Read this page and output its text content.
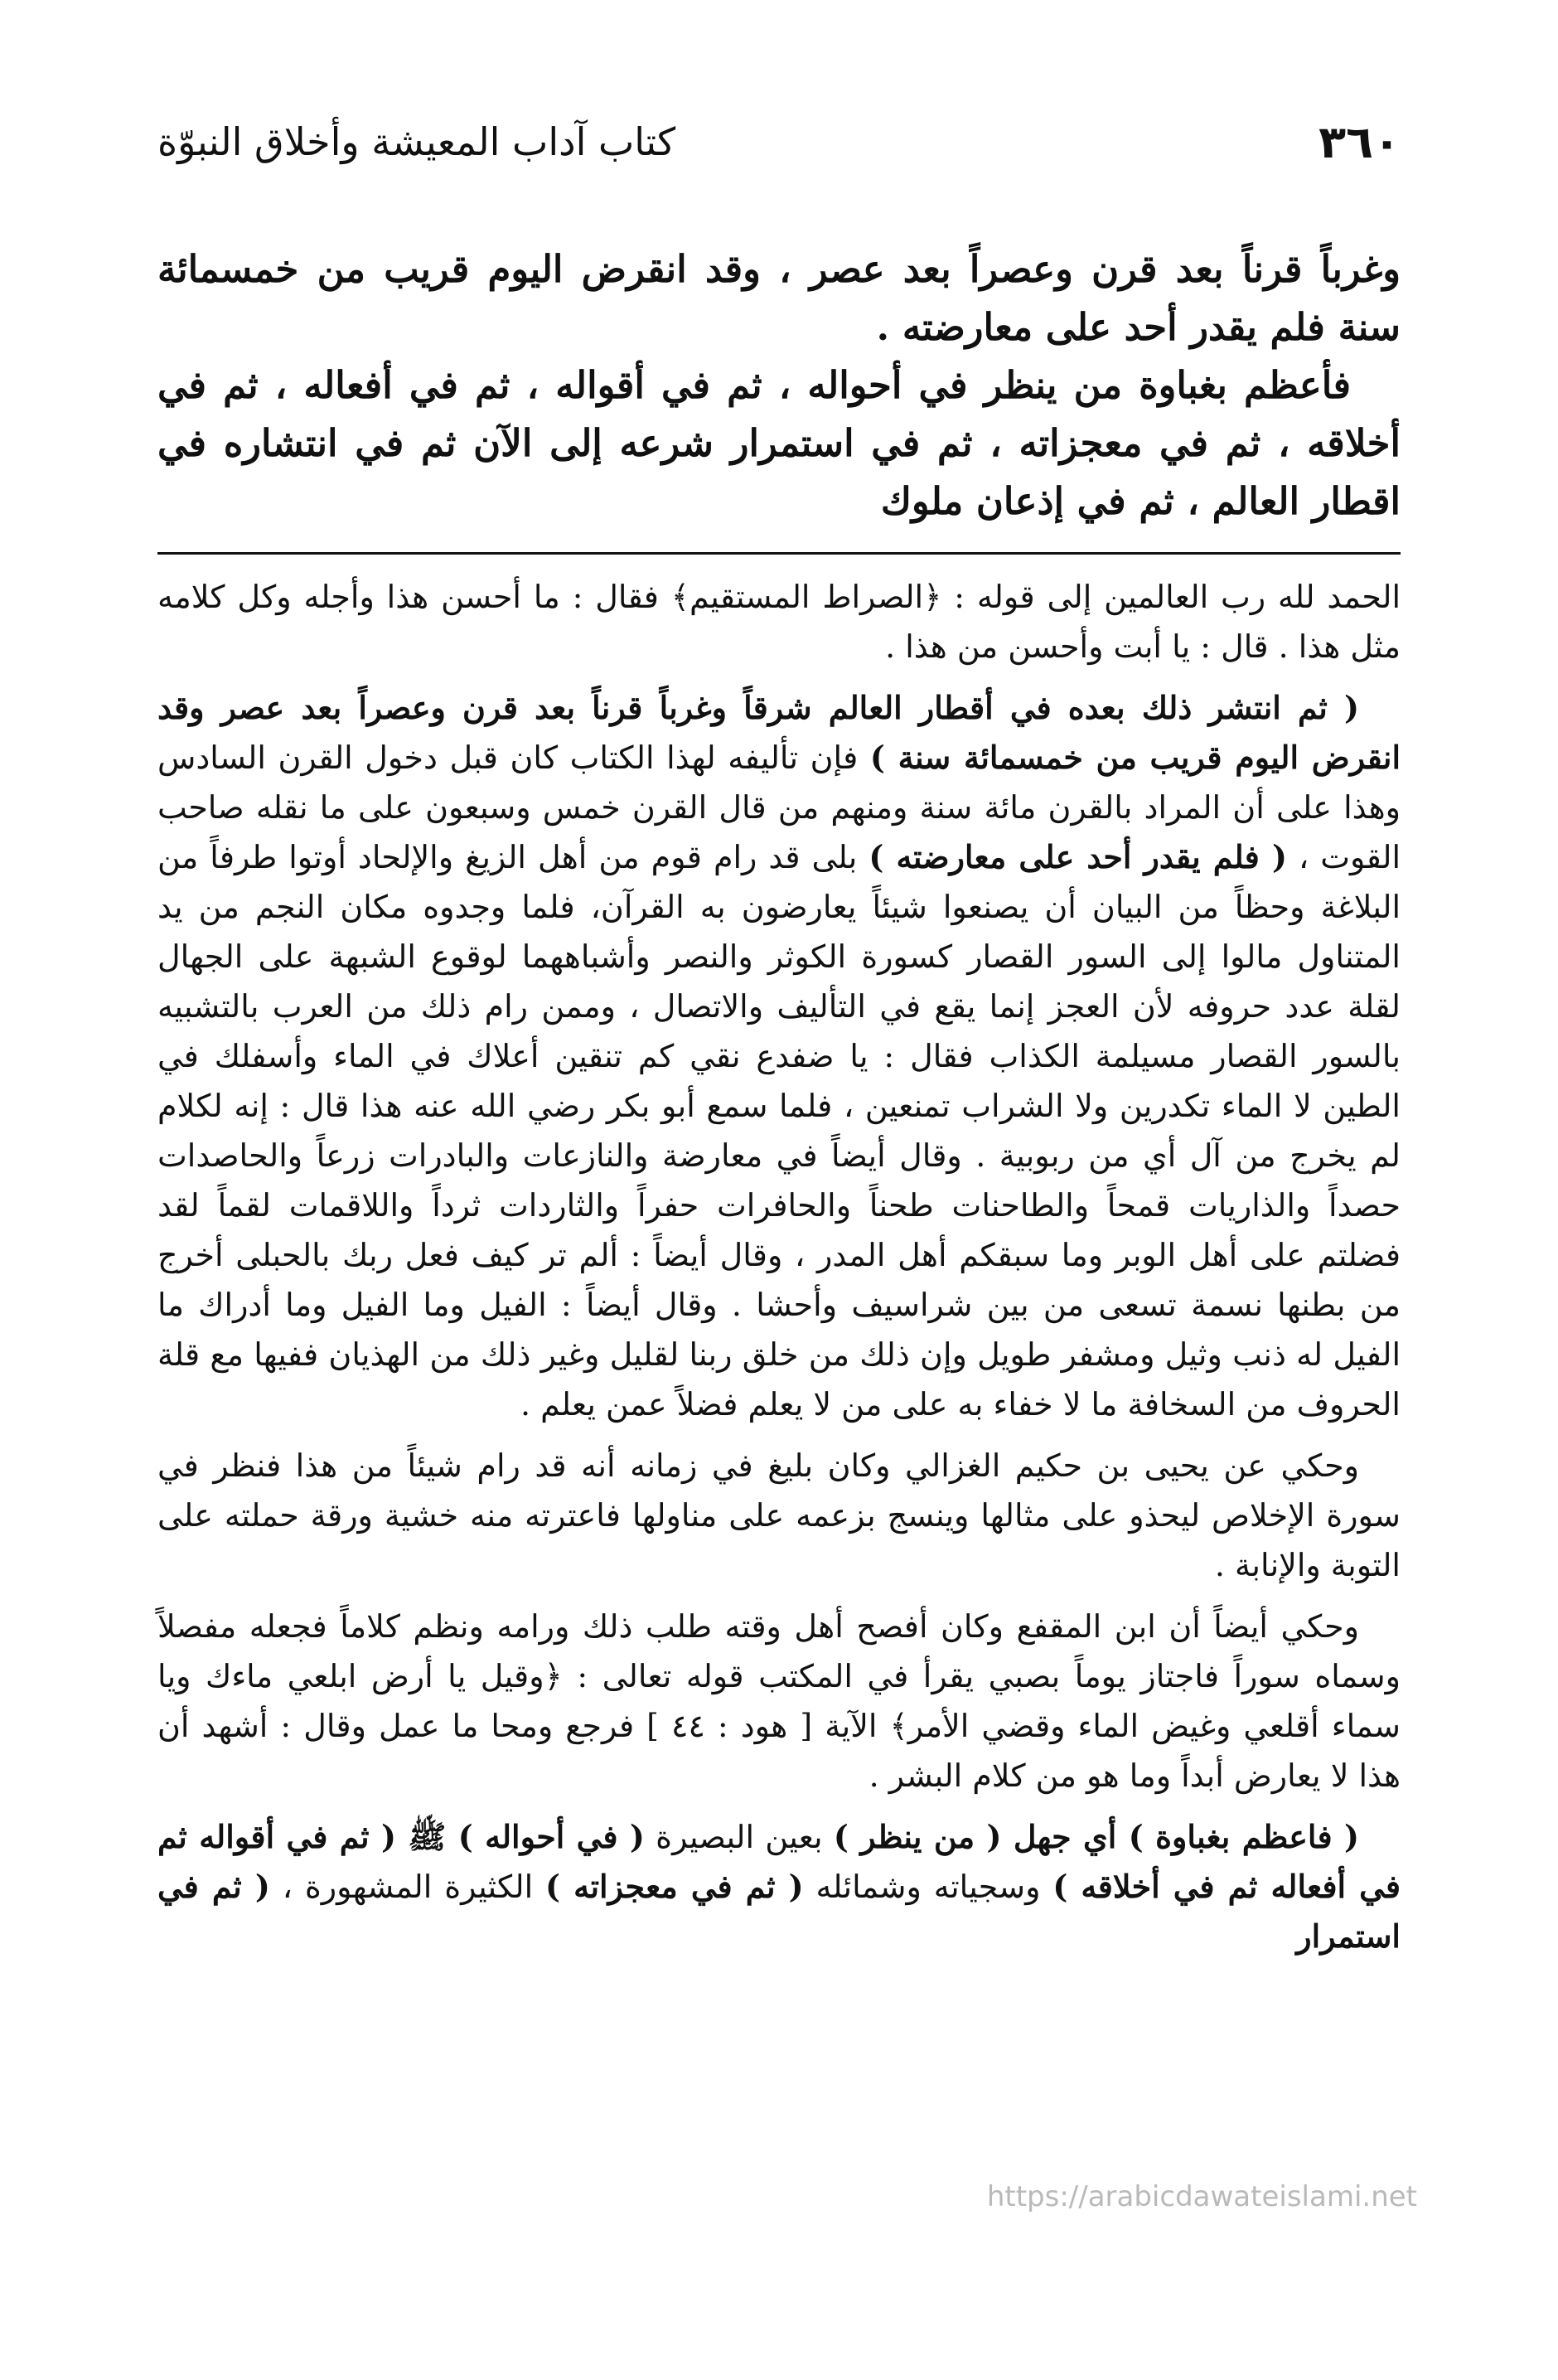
٣٦٠
كتاب آداب المعيشة وأخلاق النبوّة

وغرباً قرناً بعد قرن وعصراً بعد عصر ، وقد انقرض اليوم قريب من خمسمائة سنة فلم يقدر أحد على معارضته .

فأعظم بغباوة من ينظر في أحواله ، ثم في أقواله ، ثم في أفعاله ، ثم في أخلاقه ، ثم في معجزاته ، ثم في استمرار شرعه إلى الآن ثم في انتشاره في اقطار العالم ، ثم في إذعان ملوك

الحمد لله رب العالمين إلى قوله : ﴿الصراط المستقيم﴾ فقال : ما أحسن هذا وأجله وكل كلامه مثل هذا . قال : يا أبت وأحسن من هذا .

( ثم انتشر ذلك بعده في أقطار العالم شرقاً وغرباً قرناً بعد قرن وعصراً بعد عصر وقد انقرض اليوم قريب من خمسمائة سنة ) فإن تأليفه لهذا الكتاب كان قبل دخول القرن السادس وهذا على أن المراد بالقرن مائة سنة ومنهم من قال القرن خمس وسبعون على ما نقله صاحب القوت ، ( فلم يقدر أحد على معارضته ) بلى قد رام قوم من أهل الزيغ والإلحاد أوتوا طرفاً من البلاغة وحظاً من البيان أن يصنعوا شيئاً يعارضون به القرآن، فلما وجدوه مكان النجم من يد المتناول مالوا إلى السور القصار كسورة الكوثر والنصر وأشباههما لوقوع الشبهة على الجهال لقلة عدد حروفه لأن العجز إنما يقع في التأليف والاتصال ، وممن رام ذلك من العرب بالتشبيه بالسور القصار مسيلمة الكذاب فقال : يا ضفدع نقي كم تنقين أعلاك في الماء وأسفلك في الطين لا الماء تكدرين ولا الشراب تمنعين ، فلما سمع أبو بكر رضي الله عنه هذا قال : إنه لكلام لم يخرج من آل أي من ربوبية . وقال أيضاً في معارضة والنازعات والبادرات زرعاً والحاصدات حصداً والذاريات قمحاً والطاحنات طحناً والحافرات حفراً والثاردات ثرداً واللاقمات لقماً لقد فضلتم على أهل الوبر وما سبقكم أهل المدر ، وقال أيضاً : ألم تر كيف فعل ربك بالحبلى أخرج من بطنها نسمة تسعى من بين شراسيف وأحشا . وقال أيضاً : الفيل وما الفيل وما أدراك ما الفيل له ذنب وثيل ومشفر طويل وإن ذلك من خلق ربنا لقليل وغير ذلك من الهذيان ففيها مع قلة الحروف من السخافة ما لا خفاء به على من لا يعلم فضلاً عمن يعلم .

وحكي عن يحيى بن حكيم الغزالي وكان بليغ في زمانه أنه قد رام شيئاً من هذا فنظر في سورة الإخلاص ليحذو على مثالها وينسج بزعمه على مناولها فاعترته منه خشية ورقة حملته على التوبة والإنابة .

وحكي أيضاً أن ابن المقفع وكان أفصح أهل وقته طلب ذلك ورامه ونظم كلاماً فجعله مفصلاً وسماه سوراً فاجتاز يوماً بصبي يقرأ في المكتب قوله تعالى : ﴿وقيل يا أرض ابلعي ماءك ويا سماء أقلعي وغيض الماء وقضي الأمر﴾ الآية [ هود : ٤٤ ] فرجع ومحا ما عمل وقال : أشهد أن هذا لا يعارض أبداً وما هو من كلام البشر .

( فاعظم بغباوة ) أي جهل ( من ينظر ) بعين البصيرة ( في أحواله ) ﷺ ( ثم في أقواله ثم في أفعاله ثم في أخلاقه ) وسجياته وشمائله ( ثم في معجزاته ) الكثيرة المشهورة ، ( ثم في استمرار

https://arabicdawateislami.net
